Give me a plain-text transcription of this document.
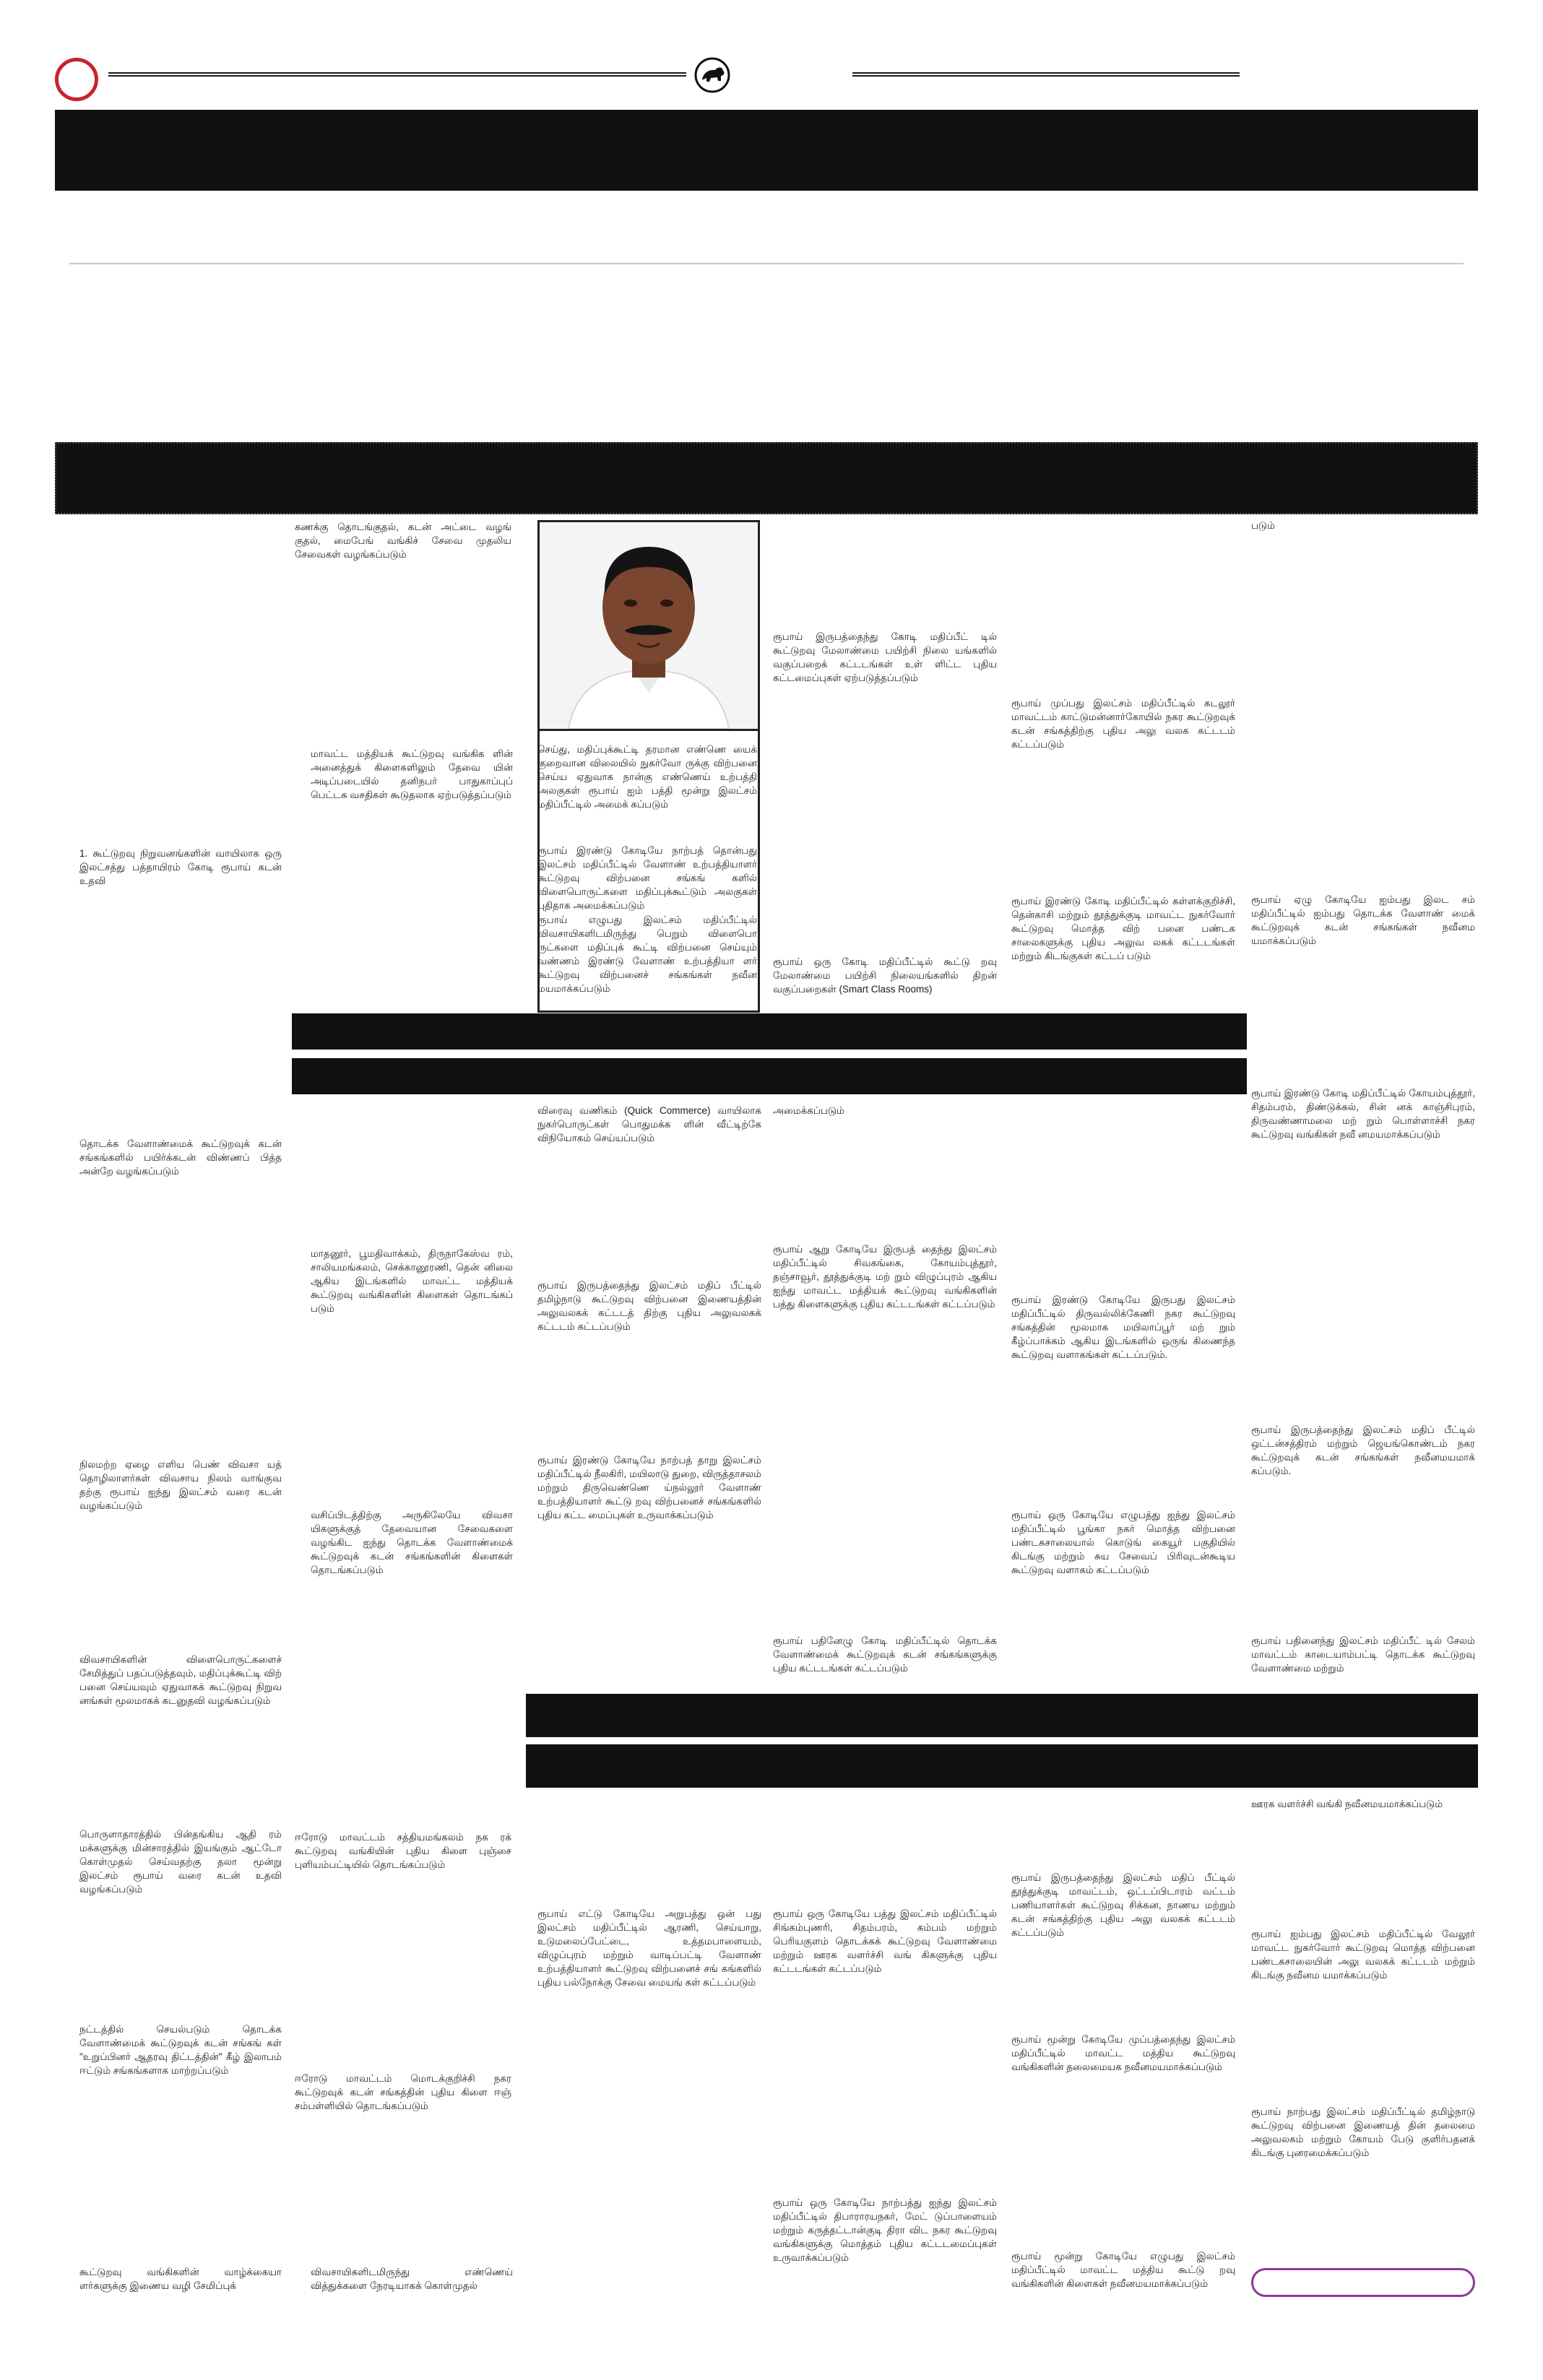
1. கூட்டுறவு நிறுவனங்களின் வாயிலாக ஒரு இலட்சத்து பத்தாயிரம் கோடி ரூபாய் கடன் உதவி
தொடக்க வேளாண்மைக் கூட்டுறவுக் கடன் சங்கங்களில் பயிர்க்கடன் விண்ணப் பித்த அன்றே வழங்கப்படும்
நிலமற்ற ஏழை எளிய பெண் விவசா யத் தொழிலாளர்கள் விவசாய நிலம் வாங்குவ தற்கு ரூபாய் ஐந்து இலட்சம் வரை கடன் வழங்கப்படும்
விவசாயிகளின் விளைபொருட்களைச் சேமித்துப் பதப்படுத்தவும், மதிப்புக்கூட்டி விற் பனை செய்யவும் ஏதுவாகக் கூட்டுறவு நிறுவ னங்கள் மூலமாகக் கடனுதவி வழங்கப்படும்
பொருளாதாரத்தில் பின்தங்கிய ஆதி ரம் மக்களுக்கு மின்சாரத்தில் இயங்கும் ஆட்டோ கொள்முதல் செய்வதற்கு தலா மூன்று இலட்சம் ரூபாய் வரை கடன் உதவி வழங்கப்படும்
நட்டத்தில் செயல்படும் தொடக்க வேளாண்மைக் கூட்டுறவுக் கடன் சங்கங் கள் "உறுப்பினர் ஆதரவு திட்டத்தின்" கீழ் இலாபம் ஈட்டும் சங்கங்களாக மாற்றப்படும்
கூட்டுறவு வங்கிகளின் வாழ்க்கையா ளர்களுக்கு இணைய வழி சேமிப்புக்
கணக்கு தொடங்குதல், கடன் அட்டை வழங் குதல், மைபேங் வங்கிச் சேவை முதலிய சேவைகள் வழங்கப்படும்
மாவட்ட மத்தியக் கூட்டுறவு வங்கிக ளின் அனைத்துக் கிளைகளிலும் தேவை யின் அடிப்படையில் தனிநபர் பாதுகாப்புப் பெட்டக வசதிகள் கூடுதலாக ஏற்படுத்தப்படும்
மாதனூர், பூமதிவாக்கம், திருநாகேஸ்வ ரம், சாலியமங்கலம், செக்கானூரணி, தென் னிலை ஆகிய இடங்களில் மாவட்ட மத்தியக் கூட்டுறவு வங்கிகளின் கிளைகள் தொடங்கப் படும்
வசிப்பிடத்திற்கு அருகிலேயே விவசா யிகளுக்குத் தேவையான சேவைகளை வழங்கிட ஐந்து தொடக்க வேளாண்மைக் கூட்டுறவுக் கடன் சங்கங்களின் கிளைகள் தொடங்கப்படும்
ஈரோடு மாவட்டம் சத்தியமங்கலம் நக ரக் கூட்டுறவு வங்கியின் புதிய கிளை புஞ்சை புளியம்பட்டியில் தொடங்கப்படும்
ஈரோடு மாவட்டம் மொடக்குறிச்சி நகர கூட்டுறவுக் கடன் சங்கத்தின் புதிய கிளை ஈஞ் சம்பள்ளியில் தொடங்கப்படும்
விவசாயிகளிடமிருந்து எண்ணெய் வித்துக்களை நேரடியாகக் கொள்முதல்
செய்து, மதிப்புக்கூட்டி தரமான எண்ணெ யைக் குறைவான விலையில் நுகர்வோ ருக்கு விற்பனை செய்ய ஏதுவாக நான்கு எண்ணெய் உற்பத்தி அலகுகள் ரூபாய் ஐம் பத்தி மூன்று இலட்சம் மதிப்பீட்டில் அமைக் கப்படும்
ரூபாய் இரண்டு கோடியே நாற்பத் தொன்பது இலட்சம் மதிப்பீட்டில் வேளாண் உற்பத்தியாளர் கூட்டுறவு விற்பனை சங்கங் களில் விளைபொருட்களை மதிப்புக்கூட்டும் அலகுகள் புதிதாக அமைக்கப்படும்
ரூபாய் எழுபது இலட்சம் மதிப்பீட்டில் விவசாயிகளிடமிருந்து பெறும் விளைபொ ருட்களை மதிப்புக் கூட்டி விற்பனை செய்யும் வண்ணம் இரண்டு வேளாண் உற்பத்தியா ளர் கூட்டுறவு விற்பனைச் சங்கங்கள் நவீன மயமாக்கப்படும்
விரைவு வணிகம் (Quick Commerce) வாயிலாக நுகர்பொருட்கள் பொதுமக்க ளின் வீட்டிற்கே விநியோகம் செய்யப்படும்
ரூபாய் இருபத்தைந்து இலட்சம் மதிப் பீட்டில் தமிழ்நாடு கூட்டுறவு விற்பனை இணையத்தின் அலுவலகக் கட்டடத் திற்கு புதிய அலுவலகக் கட்டடம் கட்டப்படும்
ரூபாய் இரண்டு கோடியே நாற்பத் தாறு இலட்சம் மதிப்பீட்டில் நீலகிரி, மயிலாடு துறை, விருத்தாசலம் மற்றும் திருவெண்ணெ ய்நல்லூர் வேளாண் உற்பத்தியாளர் கூட்டு றவு விற்பனைச் சங்கங்களில் புதிய கட்ட மைப்புகள் உருவாக்கப்படும்
ரூபாய் எட்டு கோடியே அறுபத்து ஒன் பது இலட்சம் மதிப்பீட்டில் ஆரணி, செய்யாறு, உடுமலைப்பேட்டை, உத்தமபாளையம், விழுப்புரம் மற்றும் வாடிப்பட்டி வேளாண் உற்பத்தியாளர் கூட்டுறவு விற்பனைச் சங் கங்களில் புதிய பல்நோக்கு சேவை மையங் கள் கட்டப்படும்
ரூபாய் இருபத்தைந்து கோடி மதிப்பீட் டில் கூட்டுறவு மேலாண்மை பயிற்சி நிலை யங்களில் வகுப்பறைக் கட்டடங்கள் உள் ளிட்ட புதிய கட்டமைப்புகள் ஏற்படுத்தப்படும்
ரூபாய் ஒரு கோடி மதிப்பீட்டில் கூட்டு றவு மேலாண்மை பயிற்சி நிலையங்களில் திறன் வகுப்பறைகள் (Smart Class Rooms)
அமைக்கப்படும்
ரூபாய் ஆறு கோடியே இருபத் தைந்து இலட்சம் மதிப்பீட்டில் சிவகங்கை, கோயம்புத்தூர், தஞ்சாவூர், தூத்துக்குடி மற் றும் விழுப்புரம் ஆகிய ஐந்து மாவட்ட மத்தியக் கூட்டுறவு வங்கிகளின் பத்து கிளைகளுக்கு புதிய கட்டடங்கள் கட்டப்படும்
ரூபாய் பதினேழு கோடி மதிப்பீட்டில் தொடக்க வேளாண்மைக் கூட்டுறவுக் கடன் சங்கங்களுக்கு புதிய கட்டடங்கள் கட்டப்படும்
ரூபாய் ஒரு கோடியே பத்து இலட்சம் மதிப்பீட்டில் சிங்கம்புணரி, சிதம்பரம், கம்பம் மற்றும் பெரியகுளம் தொடக்கக் கூட்டுறவு வேளாண்மை மற்றும் ஊரக வளர்ச்சி வங் கிகளுக்கு புதிய கட்டடங்கள் கட்டப்படும்
ரூபாய் ஒரு கோடியே நாற்பத்து ஐந்து இலட்சம் மதிப்பீட்டில் திபாராரயநகர், மேட் டுப்பாளையம் மற்றும் கருத்தட்டான்குடி திரா விட நகர கூட்டுறவு வங்கிகளுக்கு மொத்தம் புதிய கட்டடமைப்புகள் உருவாக்கப்படும்
ரூபாய் முப்பது இலட்சம் மதிப்பீட்டில் கடலூர் மாவட்டம் காட்டுமன்னார்கோயில் நகர கூட்டுறவுக் கடன் சங்கத்திற்கு புதிய அலு வலக கட்டடம் கட்டப்படும்
ரூபாய் இரண்டு கோடி மதிப்பீட்டில் கள்ளக்குறிச்சி, தென்காசி மற்றும் தூத்துக்குடி மாவட்ட நுகர்வோர் கூட்டுறவு மொத்த விற் பனை பண்டக சாலைகளுக்கு புதிய அலுவ லகக் கட்டடங்கள் மற்றும் கிடங்குகள் கட்டப் படும்
ரூபாய் இரண்டு கோடியே இருபது இலட்சம் மதிப்பீட்டில் திருவல்லிக்கேணி நகர கூட்டுறவு சங்கத்தின் மூலமாக மயிலாப்பூர் மற் றும் கீழ்ப்பாக்கம் ஆகிய இடங்களில் ஒருங் கிணைந்த கூட்டுறவு வளாகங்கள் கட்டப்படும்.
ரூபாய் ஒரு கோடியே எழுபத்து ஐந்து இலட்சம் மதிப்பீட்டில் பூங்கா நகர் மொத்த விற்பனை பண்டகசாலையால் கொடுங் கையூர் பகுதியில் கிடங்கு மற்றும் சுய சேவைப் பிரிவுடன்கூடிய கூட்டுறவு வளாகம் கட்டப்படும்
ரூபாய் இருபத்தைந்து இலட்சம் மதிப் பீட்டில் தூத்துக்குடி மாவட்டம், ஒட்டப்பிடாரம் வட்டம் பணியாளர்கள் கூட்டுறவு சிக்கன, நாணய மற்றும் கடன் சங்கத்திற்கு புதிய அலு வலகக் கட்டடம் கட்டப்படும்
ரூபாய் மூன்று கோடியே முப்பத்தைந்து இலட்சம் மதிப்பீட்டில் மாவட்ட மத்திய கூட்டுறவு வங்கிகளின் தலைமையக நவீனமயமாக்கப்படும்
ரூபாய் மூன்று கோடியே எழுபது இலட்சம் மதிப்பீட்டில் மாவட்ட மத்திய கூட்டு றவு வங்கிகளின் கிளைகள் நவீனமயமாக்கப்படும்
படும்
ரூபாய் ஏழு கோடியே ஐம்பது இலட சம் மதிப்பீட்டில் ஐம்பது தொடக்க வேளாண் மைக் கூட்டுறவுக் கடன் சங்கங்கள் நவீனம யமாக்கப்படும்
ரூபாய் இரண்டு கோடி மதிப்பீட்டில் கோயம்புத்தூர், சிதம்பரம், திண்டுக்கல், சின் னக் காஞ்சிபுரம், திருவண்ணாமலை மற் றும் பொள்ளாச்சி நகர கூட்டுறவு வங்கிகள் நவீ னமயமாக்கப்படும்
ரூபாய் இருபத்தைந்து இலட்சம் மதிப் பீட்டில் ஒட்டன்சத்திரம் மற்றும் ஜெயங்கொண்டம் நகர கூட்டுறவுக் கடன் சங்கங்கள் நவீனமயமாக் கப்படும்.
ரூபாய் பதினைந்து இலட்சம் மதிப்பீட் டில் சேலம் மாவட்டம் காடையாம்பட்டி தொடக்க கூட்டுறவு வேளாண்மை மற்றும்
ஊரக வளர்ச்சி வங்கி நவீனமயமாக்கப்படும்
ரூபாய் ஐம்பது இலட்சம் மதிப்பீட்டில் வேலூர் மாவட்ட நுகர்வோர் கூட்டுறவு மொத்த விற்பனை பண்டகசாலையின் அலு வலகக் கட்டடம் மற்றும் கிடங்கு நவீனம யமாக்கப்படும்
ரூபாய் நாற்பது இலட்சம் மதிப்பீட்டில் தமிழ்நாடு கூட்டுறவு விற்பனை இணையத் தின் தலைமை அலுவலகம் மற்றும் கோயம் பேடு குளிர்பதனக் கிடங்கு புனரமைக்கப்படும்
